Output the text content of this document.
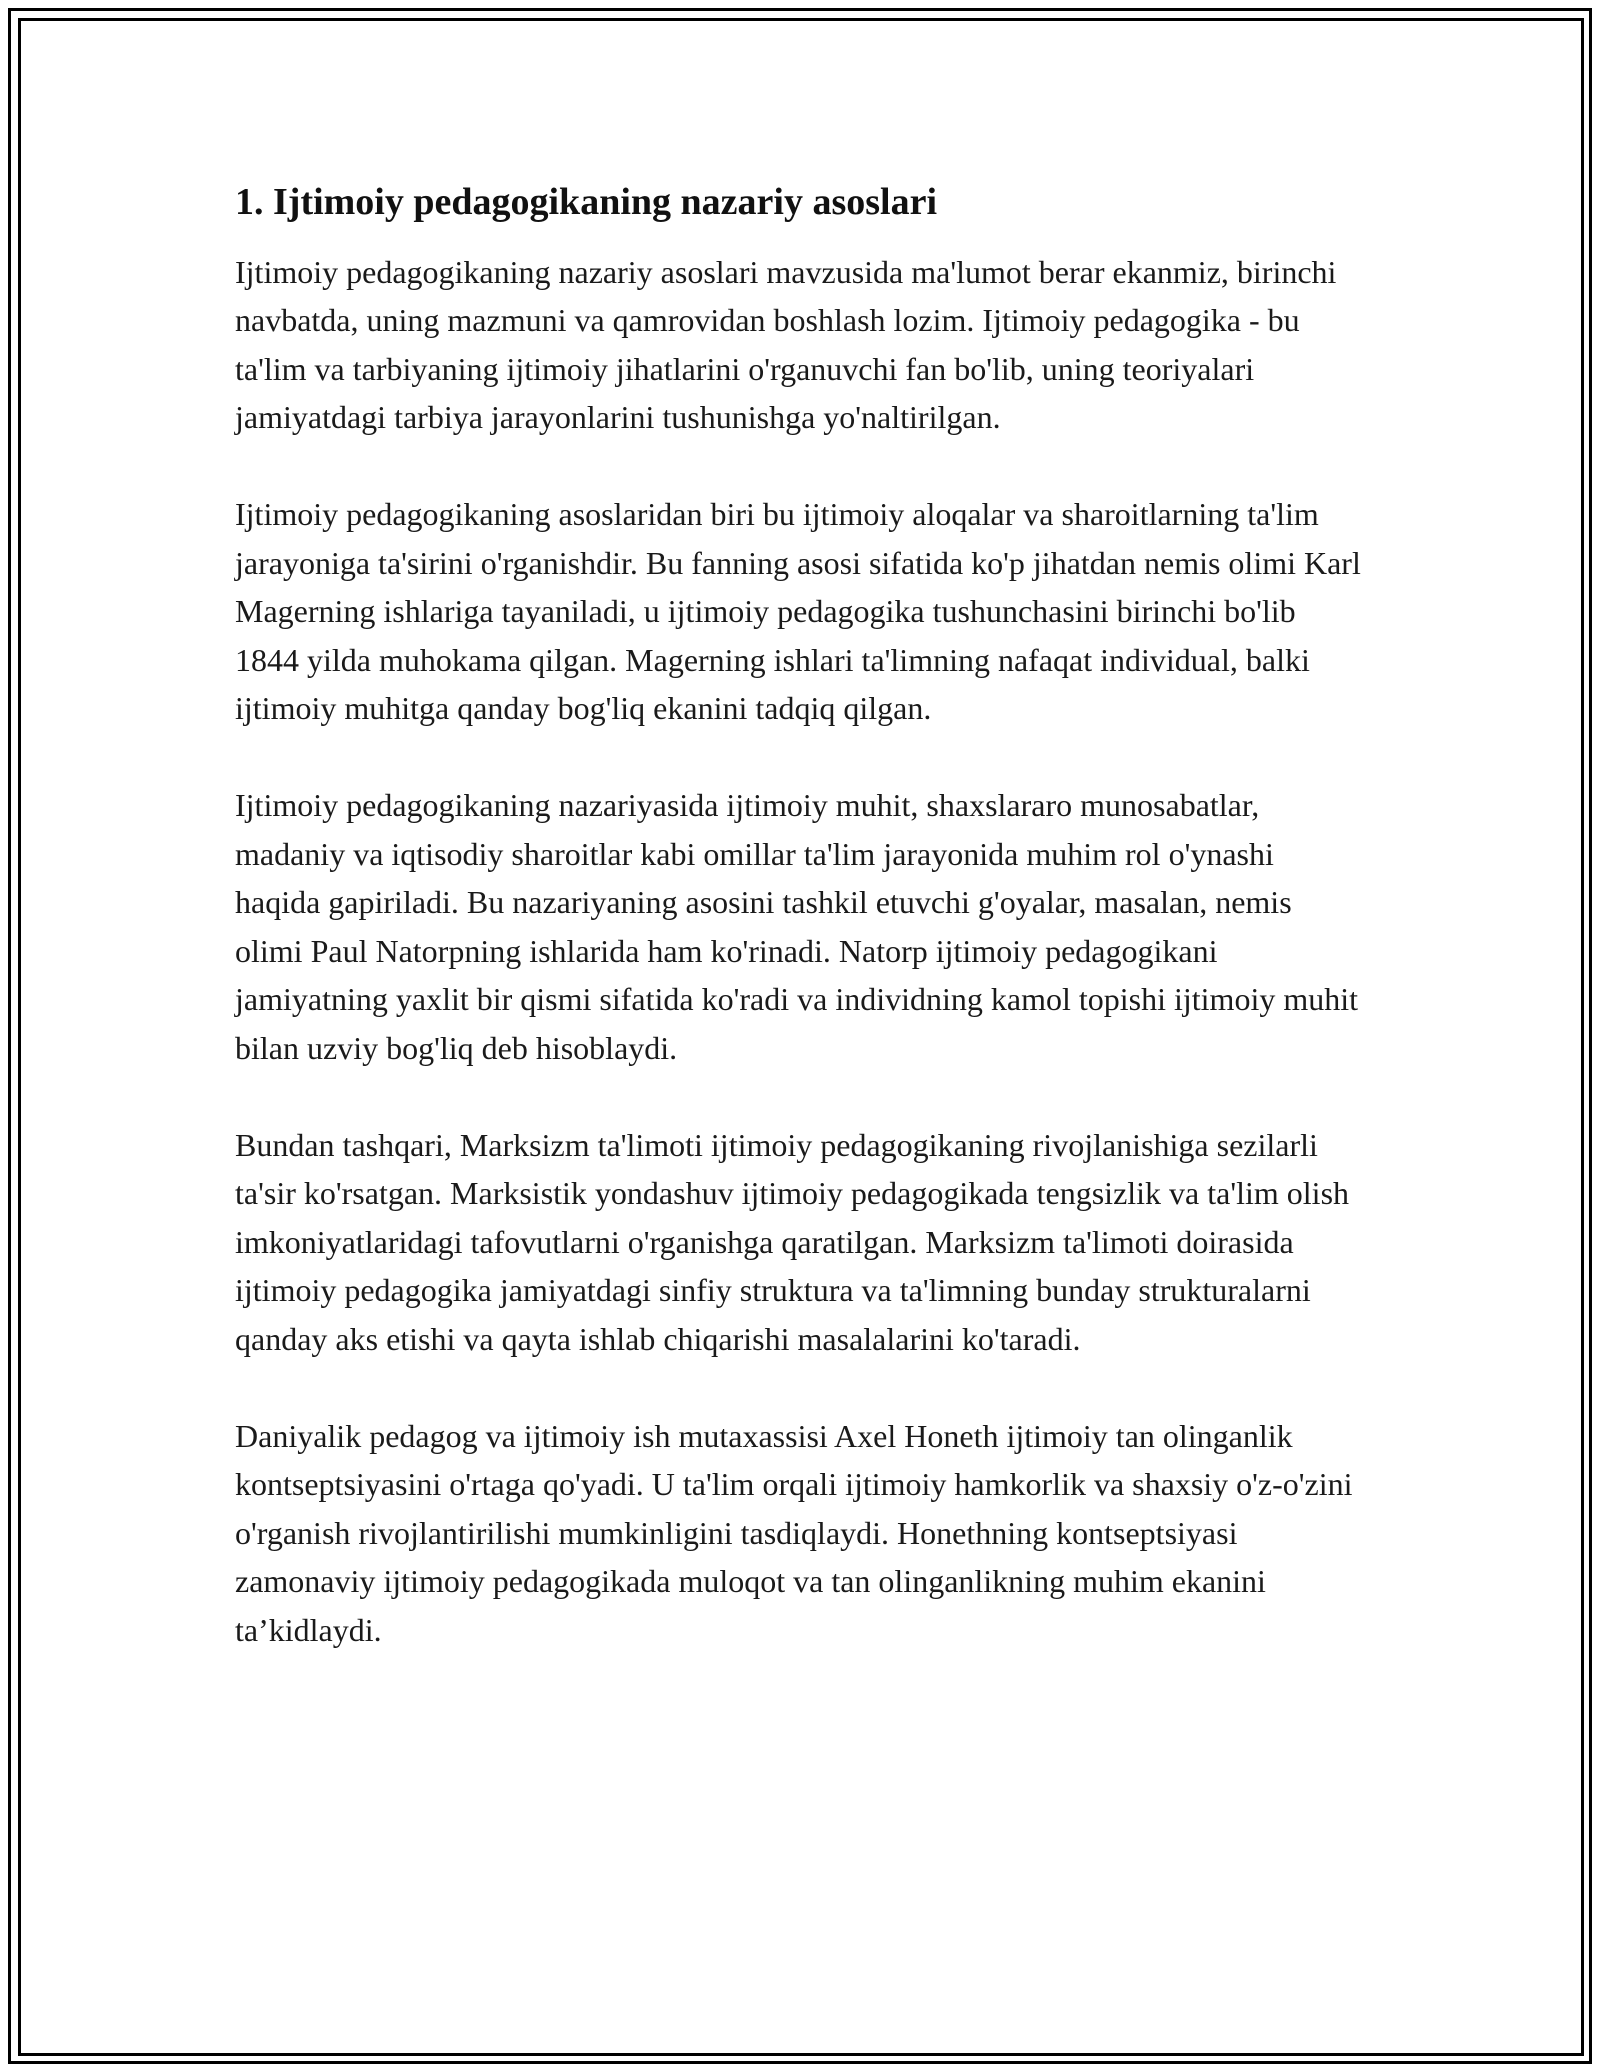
1. Ijtimoiy pedagogikaning nazariy asoslari

Ijtimoiy pedagogikaning nazariy asoslari mavzusida ma'lumot berar ekanmiz, birinchi navbatda, uning mazmuni va qamrovidan boshlash lozim. Ijtimoiy pedagogika - bu ta'lim va tarbiyaning ijtimoiy jihatlarini o'rganuvchi fan bo'lib, uning teoriyalari jamiyatdagi tarbiya jarayonlarini tushunishga yo'naltirilgan.

Ijtimoiy pedagogikaning asoslaridan biri bu ijtimoiy aloqalar va sharoitlarning ta'lim jarayoniga ta'sirini o'rganishdir. Bu fanning asosi sifatida ko'p jihatdan nemis olimi Karl Magerning ishlariga tayaniladi, u ijtimoiy pedagogika tushunchasini birinchi bo'lib 1844 yilda muhokama qilgan. Magerning ishlari ta'limning nafaqat individual, balki ijtimoiy muhitga qanday bog'liq ekanini tadqiq qilgan.

Ijtimoiy pedagogikaning nazariyasida ijtimoiy muhit, shaxslararo munosabatlar, madaniy va iqtisodiy sharoitlar kabi omillar ta'lim jarayonida muhim rol o'ynashi haqida gapiriladi. Bu nazariyaning asosini tashkil etuvchi g'oyalar, masalan, nemis olimi Paul Natorpning ishlarida ham ko'rinadi. Natorp ijtimoiy pedagogikani jamiyatning yaxlit bir qismi sifatida ko'radi va individning kamol topishi ijtimoiy muhit bilan uzviy bog'liq deb hisoblaydi.

Bundan tashqari, Marksizm ta'limoti ijtimoiy pedagogikaning rivojlanishiga sezilarli ta'sir ko'rsatgan. Marksistik yondashuv ijtimoiy pedagogikada tengsizlik va ta'lim olish imkoniyatlaridagi tafovutlarni o'rganishga qaratilgan. Marksizm ta'limoti doirasida ijtimoiy pedagogika jamiyatdagi sinfiy struktura va ta'limning bunday strukturalarni qanday aks etishi va qayta ishlab chiqarishi masalalarini ko'taradi.

Daniyalik pedagog va ijtimoiy ish mutaxassisi Axel Honeth ijtimoiy tan olinganlik kontseptsiyasini o'rtaga qo'yadi. U ta'lim orqali ijtimoiy hamkorlik va shaxsiy o'z-o'zini o'rganish rivojlantirilishi mumkinligini tasdiqlaydi. Honethning kontseptsiyasi zamonaviy ijtimoiy pedagogikada muloqot va tan olinganlikning muhim ekanini ta’kidlaydi.
